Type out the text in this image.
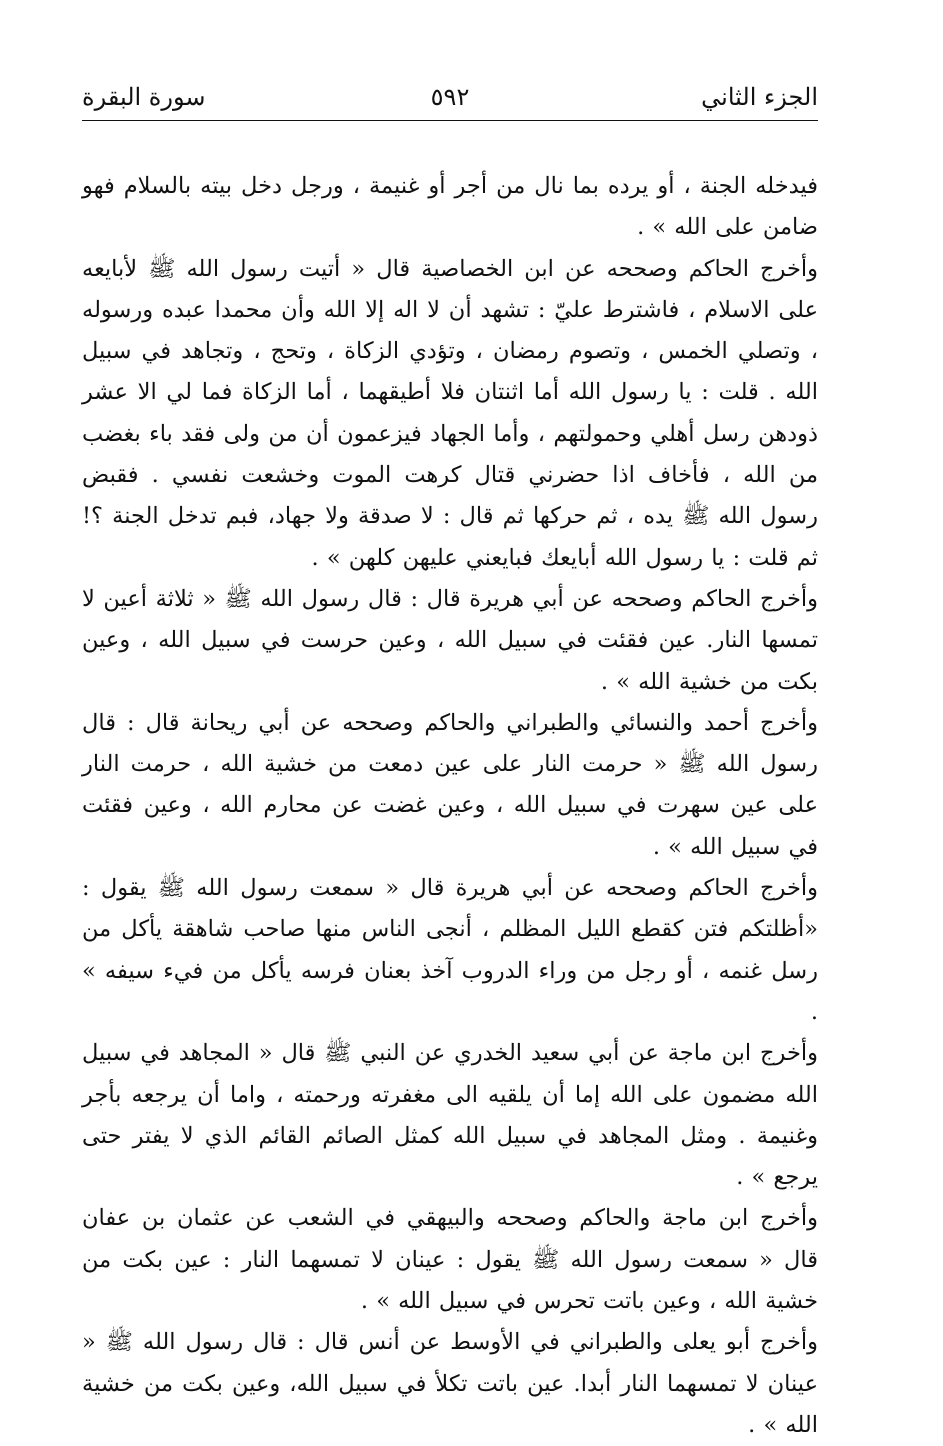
الجزء الثاني
٥٩٢
سورة البقرة

فيدخله الجنة ، أو يرده بما نال من أجر أو غنيمة ، ورجل دخل بيته بالسلام فهو ضامن على الله » .

وأخرج الحاكم وصححه عن ابن الخصاصية قال « أتيت رسول الله ﷺ لأبايعه على الاسلام ، فاشترط عليّ : تشهد أن لا اله إلا الله وأن محمدا عبده ورسوله ، وتصلي الخمس ، وتصوم رمضان ، وتؤدي الزكاة ، وتحج ، وتجاهد في سبيل الله . قلت : يا رسول الله أما اثنتان فلا أطيقهما ، أما الزكاة فما لي الا عشر ذودهن رسل أهلي وحمولتهم ، وأما الجهاد فيزعمون أن من ولى فقد باء بغضب من الله ، فأخاف اذا حضرني قتال كرهت الموت وخشعت نفسي . فقبض رسول الله ﷺ يده ، ثم حركها ثم قال : لا صدقة ولا جهاد، فبم تدخل الجنة ؟! ثم قلت : يا رسول الله أبايعك فبايعني عليهن كلهن » .

وأخرج الحاكم وصححه عن أبي هريرة قال : قال رسول الله ﷺ « ثلاثة أعين لا تمسها النار. عين فقئت في سبيل الله ، وعين حرست في سبيل الله ، وعين بكت من خشية الله » .

وأخرج أحمد والنسائي والطبراني والحاكم وصححه عن أبي ريحانة قال : قال رسول الله ﷺ « حرمت النار على عين دمعت من خشية الله ، حرمت النار على عين سهرت في سبيل الله ، وعين غضت عن محارم الله ، وعين فقئت في سبيل الله » .

وأخرج الحاكم وصححه عن أبي هريرة قال « سمعت رسول الله ﷺ يقول : «أظلتكم فتن كقطع الليل المظلم ، أنجى الناس منها صاحب شاهقة يأكل من رسل غنمه ، أو رجل من وراء الدروب آخذ بعنان فرسه يأكل من فيء سيفه » .

وأخرج ابن ماجة عن أبي سعيد الخدري عن النبي ﷺ قال « المجاهد في سبيل الله مضمون على الله إما أن يلقيه الى مغفرته ورحمته ، واما أن يرجعه بأجر وغنيمة . ومثل المجاهد في سبيل الله كمثل الصائم القائم الذي لا يفتر حتى يرجع » .

وأخرج ابن ماجة والحاكم وصححه والبيهقي في الشعب عن عثمان بن عفان قال « سمعت رسول الله ﷺ يقول : عينان لا تمسهما النار : عين بكت من خشية الله ، وعين باتت تحرس في سبيل الله » .

وأخرج أبو يعلى والطبراني في الأوسط عن أنس قال : قال رسول الله ﷺ « عينان لا تمسهما النار أبدا. عين باتت تكلأ في سبيل الله، وعين بكت من خشية الله » .
